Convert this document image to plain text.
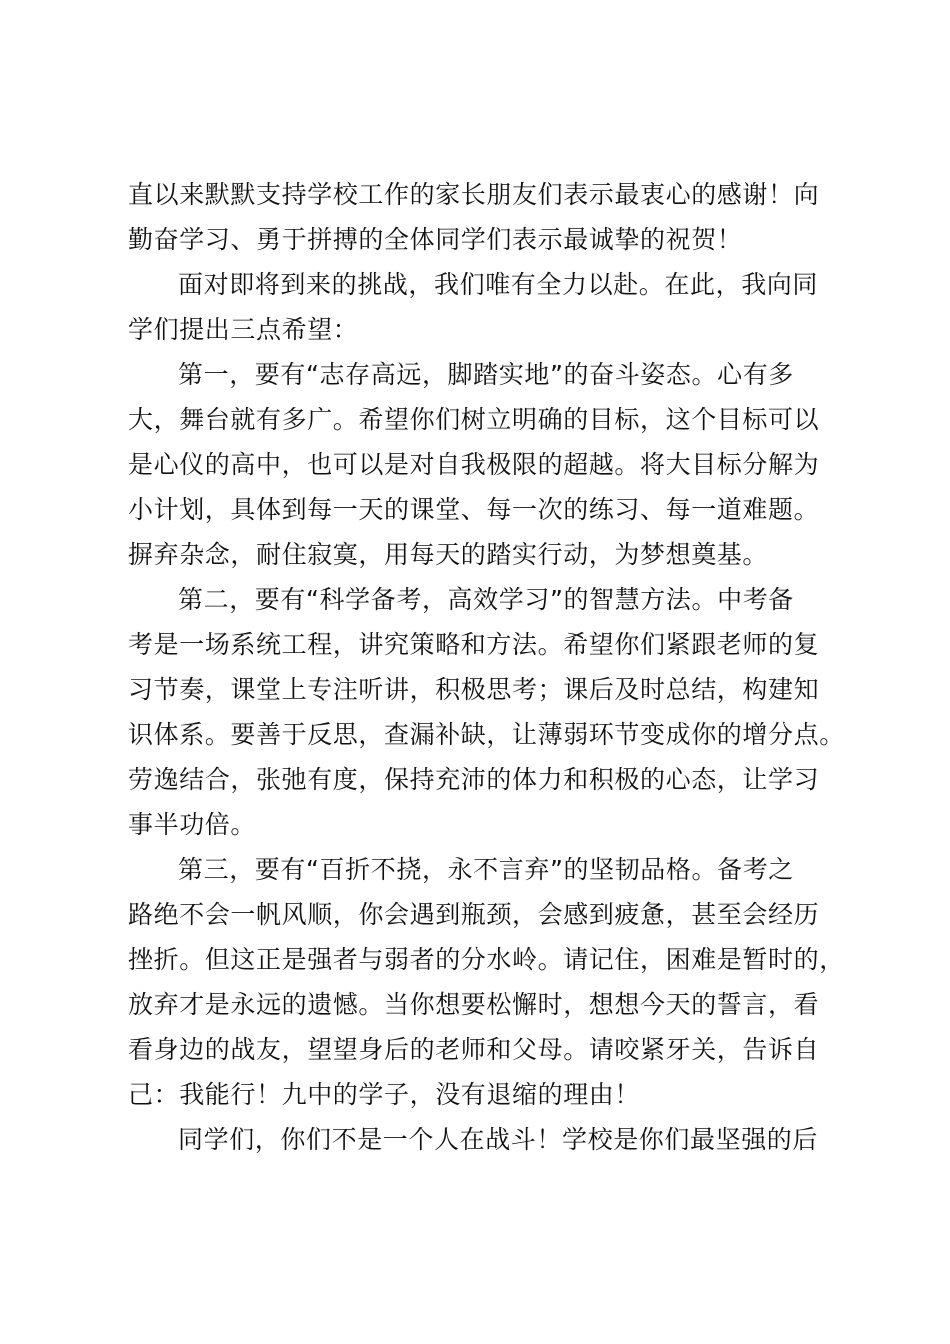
直以来默默支持学校工作的家长朋友们表示最衷心的感谢！向
勤奋学习、勇于拼搏的全体同学们表示最诚挚的祝贺！
面对即将到来的挑战，我们唯有全力以赴。在此，我向同
学们提出三点希望：
第一，要有“志存高远，脚踏实地”的奋斗姿态。心有多
大，舞台就有多广。希望你们树立明确的目标，这个目标可以
是心仪的高中，也可以是对自我极限的超越。将大目标分解为
小计划，具体到每一天的课堂、每一次的练习、每一道难题。
摒弃杂念，耐住寂寞，用每天的踏实行动，为梦想奠基。
第二，要有“科学备考，高效学习”的智慧方法。中考备
考是一场系统工程，讲究策略和方法。希望你们紧跟老师的复
习节奏，课堂上专注听讲，积极思考；课后及时总结，构建知
识体系。要善于反思，查漏补缺，让薄弱环节变成你的增分点。
劳逸结合，张弛有度，保持充沛的体力和积极的心态，让学习
事半功倍。
第三，要有“百折不挠，永不言弃”的坚韧品格。备考之
路绝不会一帆风顺，你会遇到瓶颈，会感到疲惫，甚至会经历
挫折。但这正是强者与弱者的分水岭。请记住，困难是暂时的，
放弃才是永远的遗憾。当你想要松懈时，想想今天的誓言，看
看身边的战友，望望身后的老师和父母。请咬紧牙关，告诉自
己：我能行！九中的学子，没有退缩的理由！
同学们，你们不是一个人在战斗！学校是你们最坚强的后
